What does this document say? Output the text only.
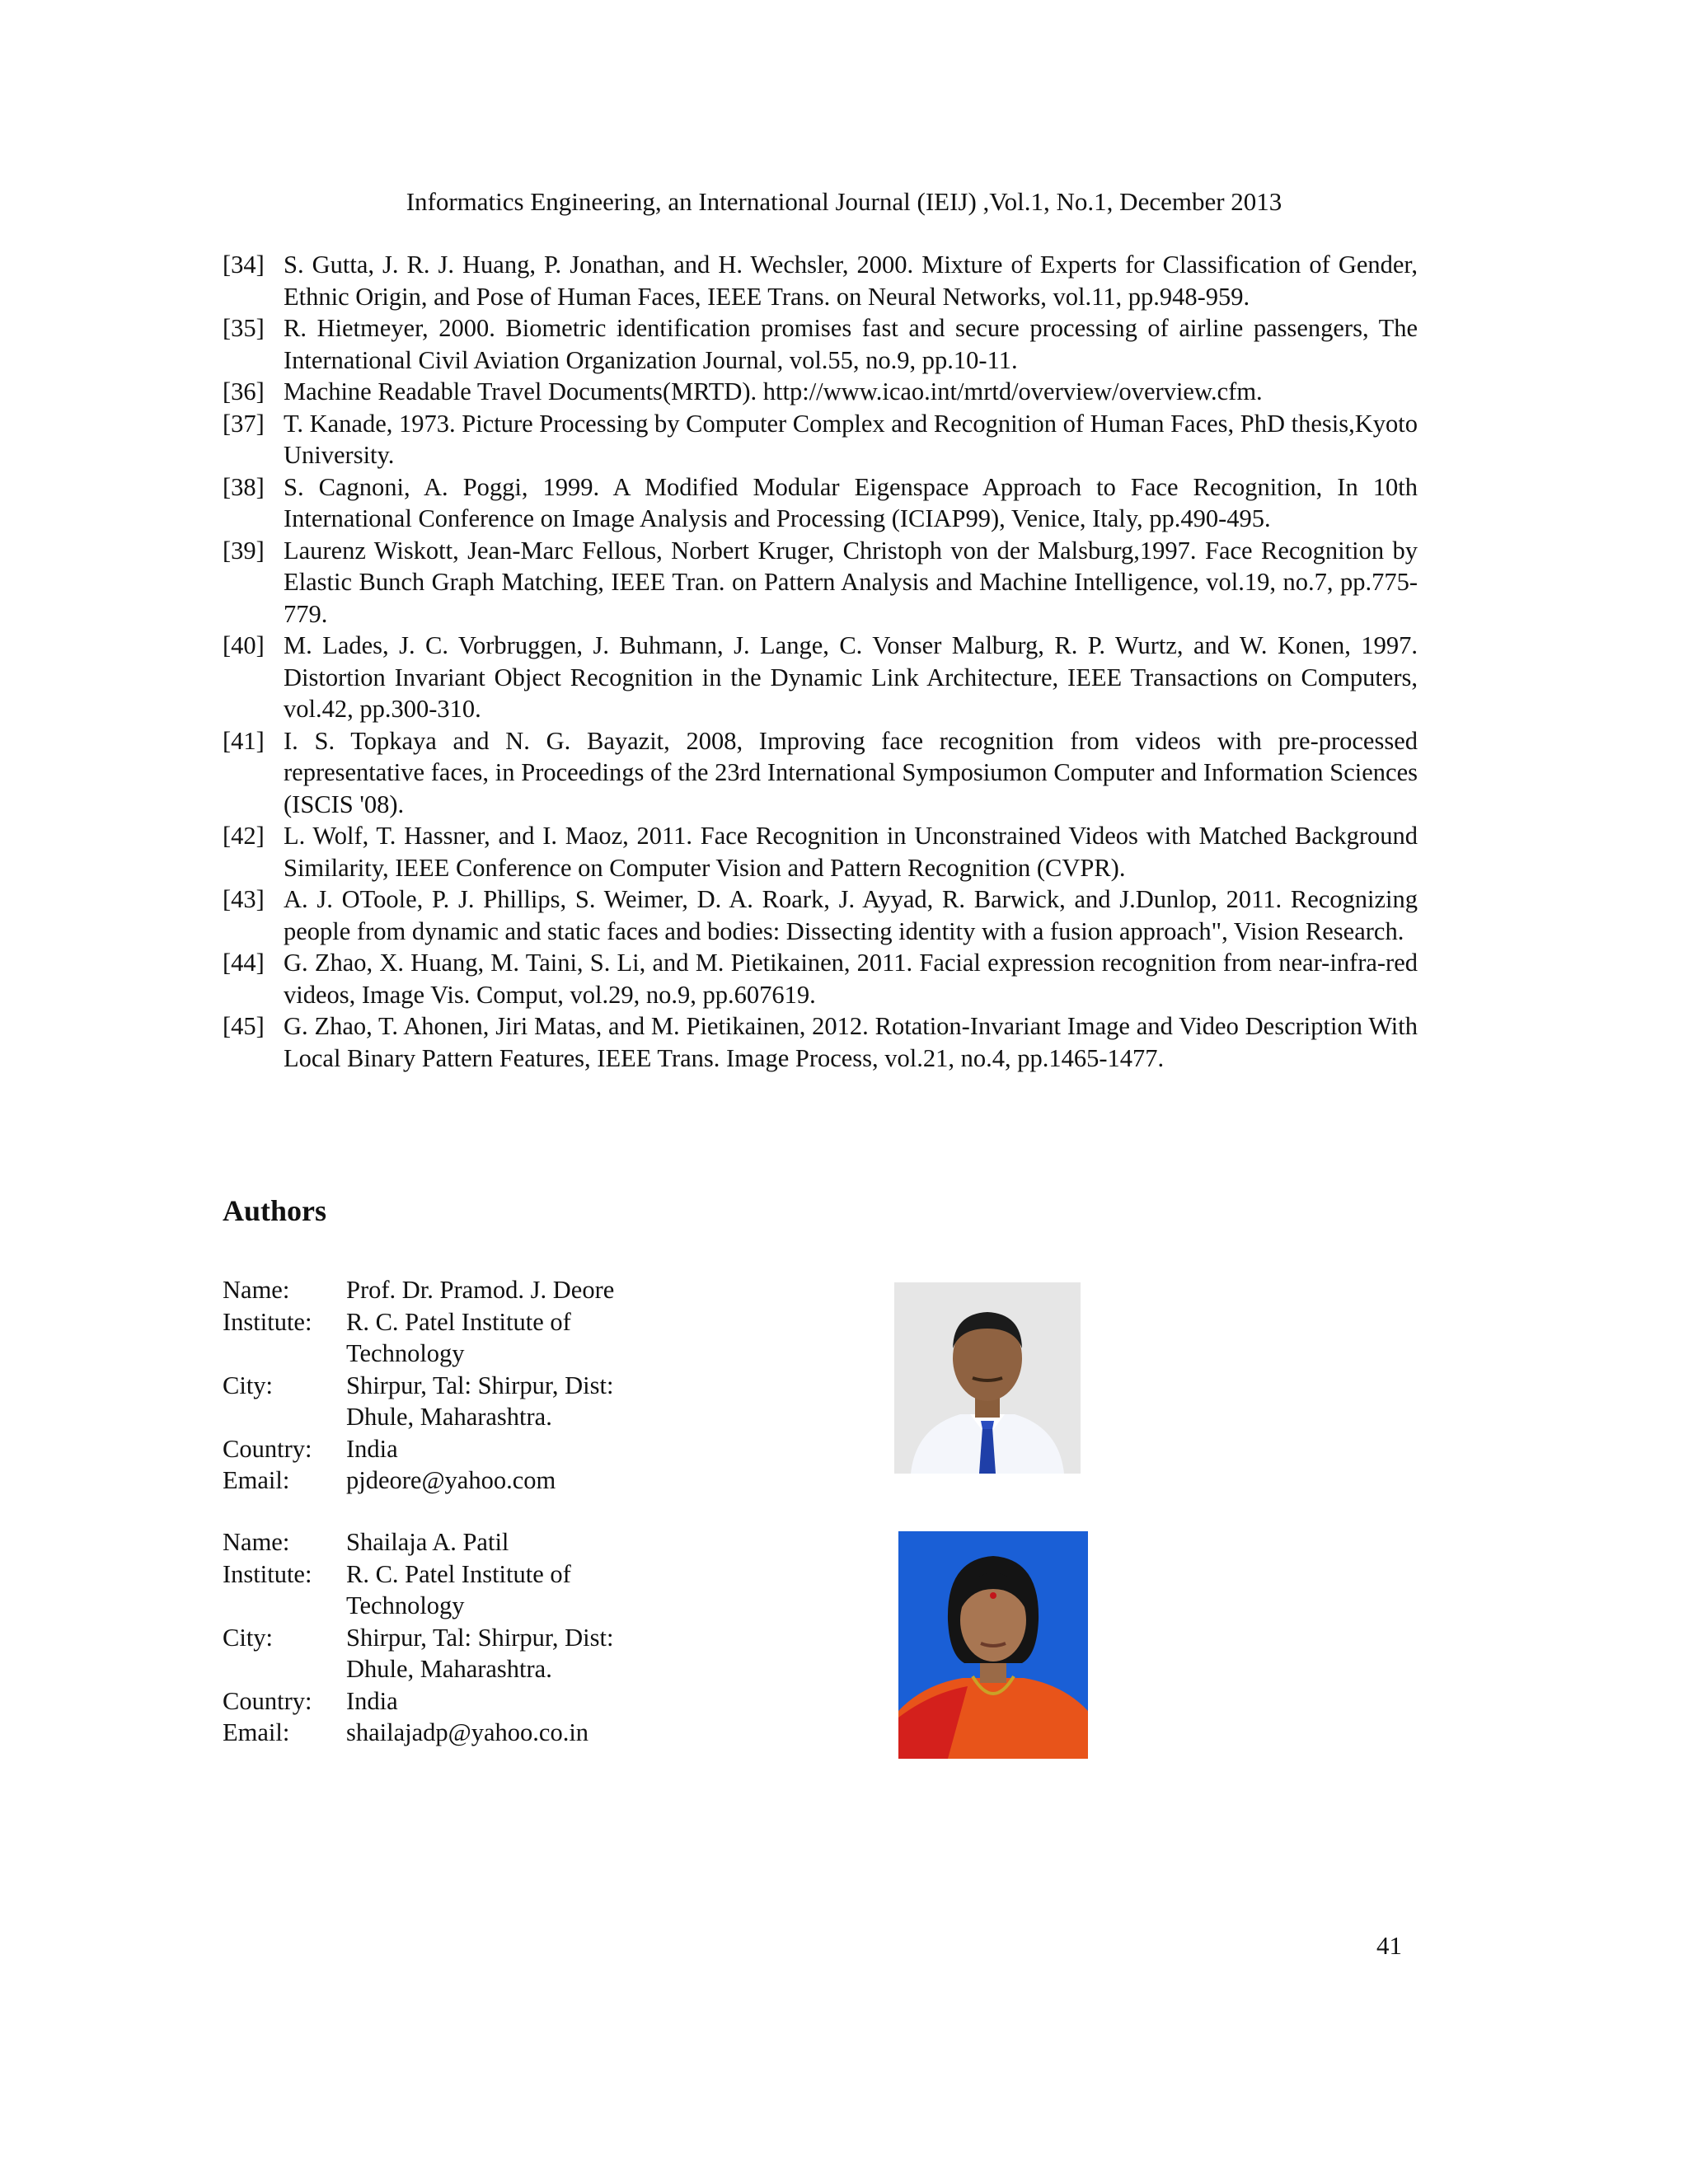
Informatics Engineering, an International Journal (IEIJ) ,Vol.1, No.1, December 2013
[34] S. Gutta, J. R. J. Huang, P. Jonathan, and H. Wechsler, 2000. Mixture of Experts for Classification of Gender, Ethnic Origin, and Pose of Human Faces, IEEE Trans. on Neural Networks, vol.11, pp.948-959.
[35] R. Hietmeyer, 2000. Biometric identification promises fast and secure processing of airline passengers, The International Civil Aviation Organization Journal, vol.55, no.9, pp.10-11.
[36] Machine Readable Travel Documents(MRTD). http://www.icao.int/mrtd/overview/overview.cfm.
[37] T. Kanade, 1973. Picture Processing by Computer Complex and Recognition of Human Faces, PhD thesis,Kyoto University.
[38] S. Cagnoni, A. Poggi, 1999. A Modified Modular Eigenspace Approach to Face Recognition, In 10th International Conference on Image Analysis and Processing (ICIAP99), Venice, Italy, pp.490-495.
[39] Laurenz Wiskott, Jean-Marc Fellous, Norbert Kruger, Christoph von der Malsburg,1997. Face Recognition by Elastic Bunch Graph Matching, IEEE Tran. on Pattern Analysis and Machine Intelligence, vol.19, no.7, pp.775-779.
[40] M. Lades, J. C. Vorbruggen, J. Buhmann, J. Lange, C. Vonser Malburg, R. P. Wurtz, and W. Konen, 1997. Distortion Invariant Object Recognition in the Dynamic Link Architecture, IEEE Transactions on Computers, vol.42, pp.300-310.
[41] I. S. Topkaya and N. G. Bayazit, 2008, Improving face recognition from videos with pre-processed representative faces, in Proceedings of the 23rd International Symposiumon Computer and Information Sciences (ISCIS '08).
[42] L. Wolf, T. Hassner, and I. Maoz, 2011. Face Recognition in Unconstrained Videos with Matched Background Similarity, IEEE Conference on Computer Vision and Pattern Recognition (CVPR).
[43] A. J. OToole, P. J. Phillips, S. Weimer, D. A. Roark, J. Ayyad, R. Barwick, and J.Dunlop, 2011. Recognizing people from dynamic and static faces and bodies: Dissecting identity with a fusion approach", Vision Research.
[44] G. Zhao, X. Huang, M. Taini, S. Li, and M. Pietikainen, 2011. Facial expression recognition from near-infra-red videos, Image Vis. Comput, vol.29, no.9, pp.607619.
[45] G. Zhao, T. Ahonen, Jiri Matas, and M. Pietikainen, 2012. Rotation-Invariant Image and Video Description With Local Binary Pattern Features, IEEE Trans. Image Process, vol.21, no.4, pp.1465-1477.
Authors
Name:	Prof. Dr. Pramod. J. Deore
Institute:	R. C. Patel Institute of
Technology
City:	Shirpur, Tal: Shirpur, Dist:
Dhule, Maharashtra.
Country:	India
Email:	pjdeore@yahoo.com
Name:	Shailaja A. Patil
Institute:	R. C. Patel Institute of
Technology
City:	Shirpur, Tal: Shirpur, Dist:
Dhule, Maharashtra.
Country:	India
Email:	shailajadp@yahoo.co.in
41
